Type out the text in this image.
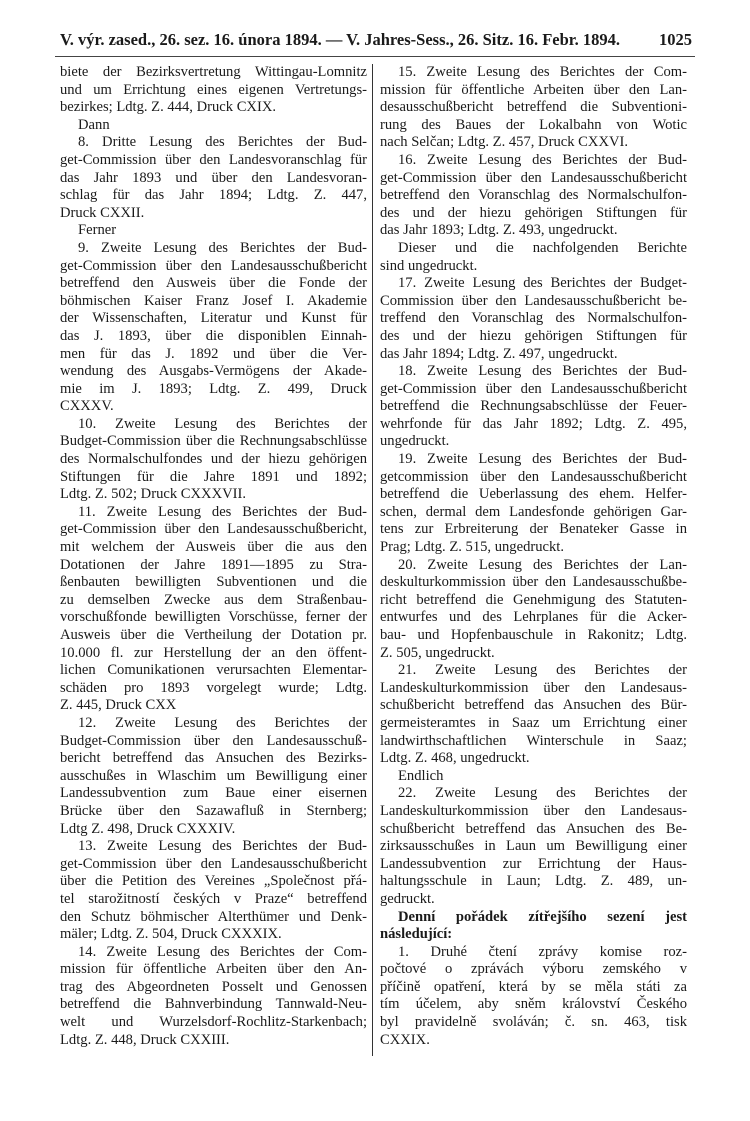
V. výr. zased., 26. sez. 16. února 1894. — V. Jahres-Sess., 26. Sitz. 16. Febr. 1894. 1025
biete der Bezirksvertretung Wittingau-Lomnitz
und um Errichtung eines eigenen Vertretungs-
bezirkes; Ldtg. Z. 444, Druck CXIX.
Dann
8. Dritte Lesung des Berichtes der Bud-
get-Commission über den Landesvoranschlag für
das Jahr 1893 und über den Landesvoran-
schlag für das Jahr 1894; Ldtg. Z. 447,
Druck CXXII.
Ferner
9. Zweite Lesung des Berichtes der Bud-
get-Commission über den Landesausschußbericht
betreffend den Ausweis über die Fonde der
böhmischen Kaiser Franz Josef I. Akademie
der Wissenschaften, Literatur und Kunst für
das J. 1893, über die disponiblen Einnah-
men für das J. 1892 und über die Ver-
wendung des Ausgabs-Vermögens der Akade-
mie im J. 1893; Ldtg. Z. 499, Druck
CXXXV.
10. Zweite Lesung des Berichtes der
Budget-Commission über die Rechnungsabschlüsse
des Normalschulfondes und der hiezu gehörigen
Stiftungen für die Jahre 1891 und 1892;
Ldtg. Z. 502; Druck CXXXVII.
11. Zweite Lesung des Berichtes der Bud-
get-Commission über den Landesausschußbericht,
mit welchem der Ausweis über die aus den
Dotationen der Jahre 1891—1895 zu Stra-
ßenbauten bewilligten Subventionen und die
zu demselben Zwecke aus dem Straßenbau-
vorschußfonde bewilligten Vorschüsse, ferner der
Ausweis über die Vertheilung der Dotation pr.
10.000 fl. zur Herstellung der an den öffent-
lichen Comunikationen verursachten Elementar-
schäden pro 1893 vorgelegt wurde; Ldtg.
Z. 445, Druck CXX
12. Zweite Lesung des Berichtes der
Budget-Commission über den Landesausschuß-
bericht betreffend das Ansuchen des Bezirks-
ausschußes in Wlaschim um Bewilligung einer
Landessubvention zum Baue einer eisernen
Brücke über den Sazawafluß in Sternberg;
Ldtg Z. 498, Druck CXXXIV.
13. Zweite Lesung des Berichtes der Bud-
get-Commission über den Landesausschußbericht
über die Petition des Vereines „Společnost přá-
tel starožitností českých v Praze“ betreffend
den Schutz böhmischer Alterthümer und Denk-
mäler; Ldtg. Z. 504, Druck CXXXIX.
14. Zweite Lesung des Berichtes der Com-
mission für öffentliche Arbeiten über den An-
trag des Abgeordneten Posselt und Genossen
betreffend die Bahnverbindung Tannwald-Neu-
welt und Wurzelsdorf-Rochlitz-Starkenbach;
Ldtg. Z. 448, Druck CXXIII.
15. Zweite Lesung des Berichtes der Com-
mission für öffentliche Arbeiten über den Lan-
desausschußbericht betreffend die Subventioni-
rung des Baues der Lokalbahn von Wotic
nach Selčan; Ldtg. Z. 457, Druck CXXVI.
16. Zweite Lesung des Berichtes der Bud-
get-Commission über den Landesausschußbericht
betreffend den Voranschlag des Normalschulfon-
des und der hiezu gehörigen Stiftungen für
das Jahr 1893; Ldtg. Z. 493, ungedruckt.
Dieser und die nachfolgenden Berichte
sind ungedruckt.
17. Zweite Lesung des Berichtes der Budget-
Commission über den Landesausschußbericht be-
treffend den Voranschlag des Normalschulfon-
des und der hiezu gehörigen Stiftungen für
das Jahr 1894; Ldtg. Z. 497, ungedruckt.
18. Zweite Lesung des Berichtes der Bud-
get-Commission über den Landesausschußbericht
betreffend die Rechnungsabschlüsse der Feuer-
wehrfonde für das Jahr 1892; Ldtg. Z. 495,
ungedruckt.
19. Zweite Lesung des Berichtes der Bud-
getcommission über den Landesausschußbericht
betreffend die Ueberlassung des ehem. Helfer-
schen, dermal dem Landesfonde gehörigen Gar-
tens zur Erbreiterung der Benateker Gasse in
Prag; Ldtg. Z. 515, ungedruckt.
20. Zweite Lesung des Berichtes der Lan-
deskulturkommission über den Landesausschußbe-
richt betreffend die Genehmigung des Statuten-
entwurfes und des Lehrplanes für die Acker-
bau- und Hopfenbauschule in Rakonitz; Ldtg.
Z. 505, ungedruckt.
21. Zweite Lesung des Berichtes der
Landeskulturkommission über den Landesaus-
schußbericht betreffend das Ansuchen des Bür-
germeisteramtes in Saaz um Errichtung einer
landwirthschaftlichen Winterschule in Saaz;
Ldtg. Z. 468, ungedruckt.
Endlich
22. Zweite Lesung des Berichtes der
Landeskulturkommission über den Landesaus-
schußbericht betreffend das Ansuchen des Be-
zirksausschußes in Laun um Bewilligung einer
Landessubvention zur Errichtung der Haus-
haltungsschule in Laun; Ldtg. Z. 489, un-
gedruckt.
Denní pořádek zítřejšího sezení jest
následující:
1. Druhé čtení zprávy komise roz-
počtové o zprávách výboru zemského v
příčině opatření, která by se měla státi za
tím účelem, aby sněm království Českého
byl pravidelně svoláván; č. sn. 463, tisk
CXXIX.
